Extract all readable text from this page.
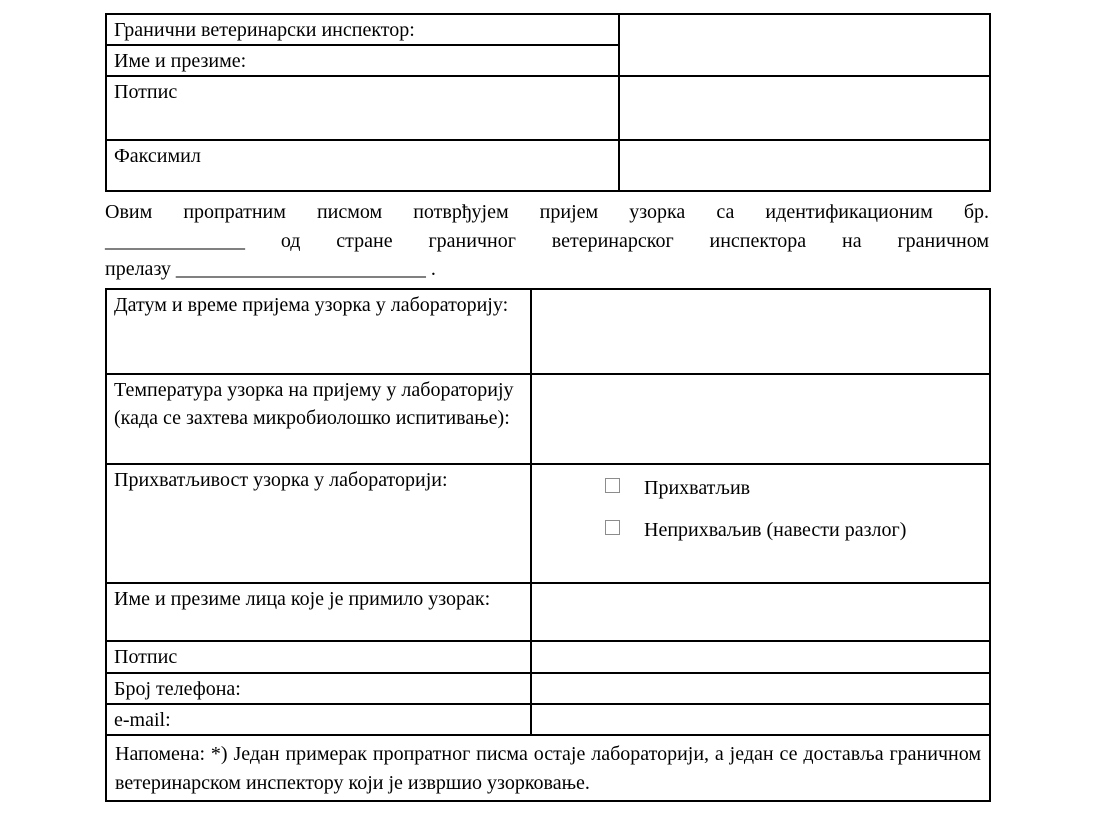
Гранични ветеринарски инспектор:	
Име и презиме:	
Потпис	
Факсимил	
Овим пропратним писмом потврђујем пријем узорка са идентификационим бр.
______________ од стране граничног ветеринарског инспектора на граничном
прелазу _________________________ .
Датум и време пријема узорка у лабораторију:	
Температура узорка на пријему у лабораторију (када се захтева микробиолошко испитивање):	
Прихватљивост узорка у лабораторији:	Прихватљив
Неприхваљив (навести разлог)

Име и презиме лица које је примило узорак:	
Потпис	
Број телефона:	
e-mail:	
Напомена: *) Један примерак пропратног писма остаје лабораторији, а један се доставља граничном ветеринарском инспектору који је извршио узорковање.	
